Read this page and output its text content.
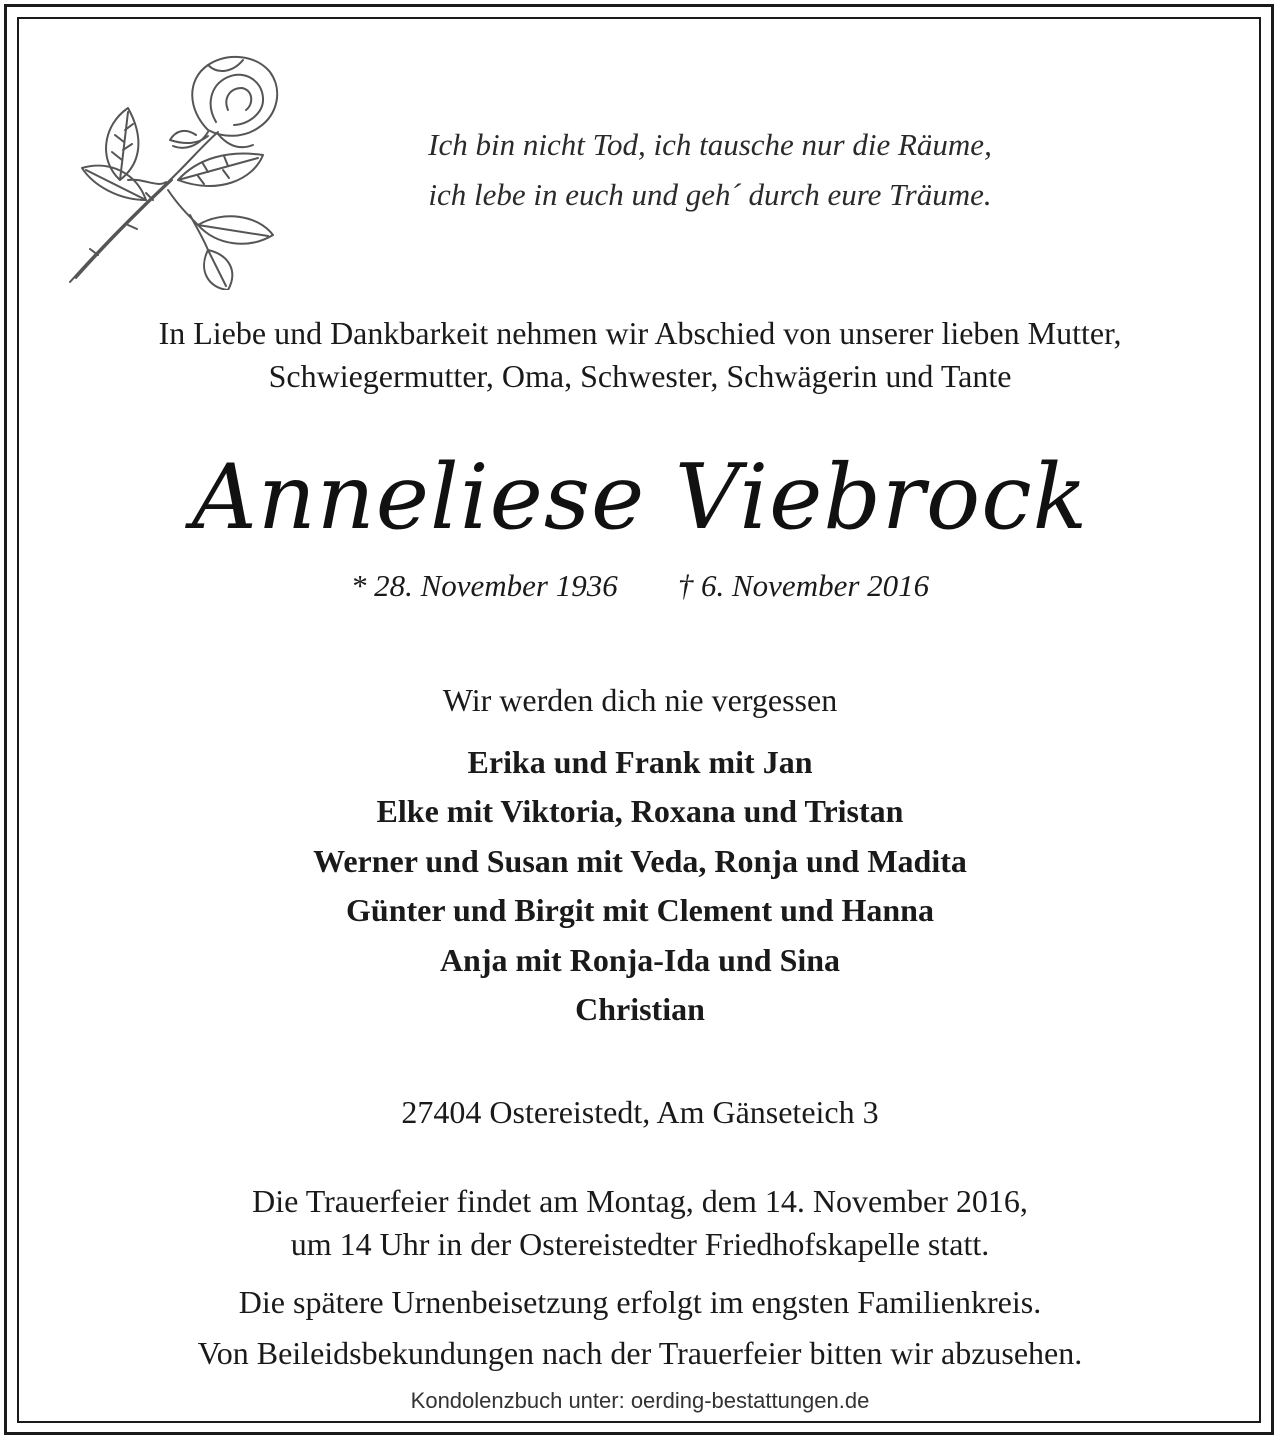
Ich bin nicht Tod, ich tausche nur die Räume,
ich lebe in euch und geh´ durch eure Träume.
In Liebe und Dankbarkeit nehmen wir Abschied von unserer lieben Mutter,
Schwiegermutter, Oma, Schwester, Schwägerin und Tante
Anneliese Viebrock
* 28. November 1936 † 6. November 2016
Wir werden dich nie vergessen
Erika und Frank mit Jan
Elke mit Viktoria, Roxana und Tristan
Werner und Susan mit Veda, Ronja und Madita
Günter und Birgit mit Clement und Hanna
Anja mit Ronja-Ida und Sina
Christian
27404 Ostereistedt, Am Gänseteich 3
Die Trauerfeier findet am Montag, dem 14. November 2016,
um 14 Uhr in der Ostereistedter Friedhofskapelle statt.
Die spätere Urnenbeisetzung erfolgt im engsten Familienkreis.
Von Beileidsbekundungen nach der Trauerfeier bitten wir abzusehen.
Kondolenzbuch unter: oerding-bestattungen.de
